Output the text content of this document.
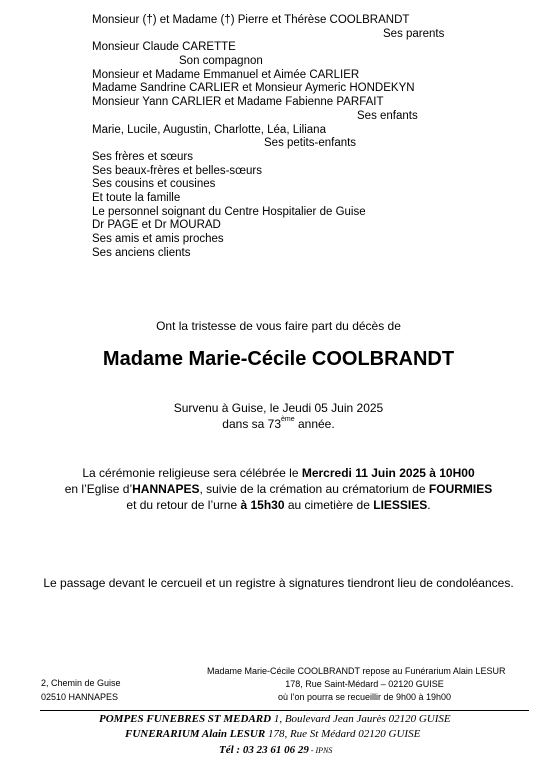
Monsieur (†) et Madame (†) Pierre et Thérèse COOLBRANDT
Ses parents
Monsieur Claude CARETTE
Son compagnon
Monsieur et Madame Emmanuel et Aimée CARLIER
Madame Sandrine CARLIER et Monsieur Aymeric HONDEKYN
Monsieur Yann CARLIER et Madame Fabienne PARFAIT
Ses enfants
Marie, Lucile, Augustin, Charlotte, Léa, Liliana
Ses petits-enfants
Ses frères et sœurs
Ses beaux-frères et belles-sœurs
Ses cousins et cousines
Et toute la famille
Le personnel soignant du Centre Hospitalier de Guise
Dr PAGE et Dr MOURAD
Ses amis et amis proches
Ses anciens clients
Ont la tristesse de vous faire part du décès de
Madame Marie-Cécile COOLBRANDT
Survenu à Guise, le Jeudi 05 Juin 2025
dans sa 73ème année.
La cérémonie religieuse sera célébrée le Mercredi 11 Juin 2025 à 10H00
en l’Eglise d’HANNAPES, suivie de la crémation au crématorium de FOURMIES
et du retour de l’urne à 15h30 au cimetière de LIESSIES.
Le passage devant le cercueil et un registre à signatures tiendront lieu de condoléances.
2, Chemin de Guise
02510 HANNAPES
Madame Marie-Cécile COOLBRANDT repose au Funérarium Alain LESUR
178, Rue Saint-Médard – 02120 GUISE
où l’on pourra se recueillir de 9h00 à 19h00
POMPES FUNEBRES ST MEDARD 1, Boulevard Jean Jaurès 02120 GUISE
FUNERARIUM Alain LESUR 178, Rue St Médard 02120 GUISE
Tél : 03 23 61 06 29 - IPNS
